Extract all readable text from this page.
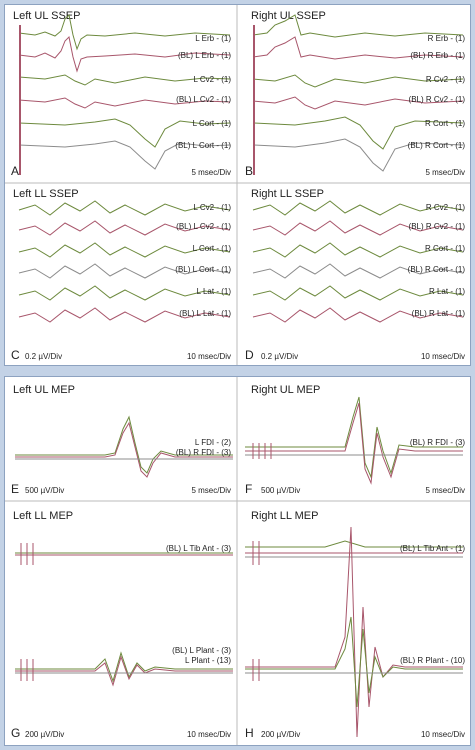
Left UL SSEP
L Erb - (1)
(BL) L Erb - (1)
L Cv2 - (1)
(BL) L Cv2 - (1)
L Cort - (1)
(BL) L Cort - (1)
A	5 msec/Div
Right UL SSEP
R Erb - (1)
(BL) R Erb - (1)
R Cv2 - (1)
(BL) R Cv2 - (1)
R Cort - (1)
(BL) R Cort - (1)
B	5 msec/Div
Left LL SSEP
L Cv2 - (1)
(BL) L Cv2 - (1)
L Cort - (1)
(BL) L Cort - (1)
L Lat - (1)
(BL) L Lat - (1)
C 0.2 µV/Div	10 msec/Div
Right LL SSEP
R Cv2 - (1)
(BL) R Cv2 - (1)
R Cort - (1)
(BL) R Cort - (1)
R Lat - (1)
(BL) R Lat - (1)
D 0.2 µV/Div	10 msec/Div
Left UL MEP
L FDI - (2)
(BL) R FDI - (3)
E 500 µV/Div	5 msec/Div
Right UL MEP
(BL) R FDI - (3)
F 500 µV/Div	5 msec/Div
Left LL MEP
(BL) L Tib Ant - (3)
(BL) L Plant - (3)
L Plant - (13)
G 200 µV/Div	10 msec/Div
Right LL MEP
(BL) L Tib Ant - (1)
(BL) R Plant - (10)
H 200 µV/Div	10 msec/Div
